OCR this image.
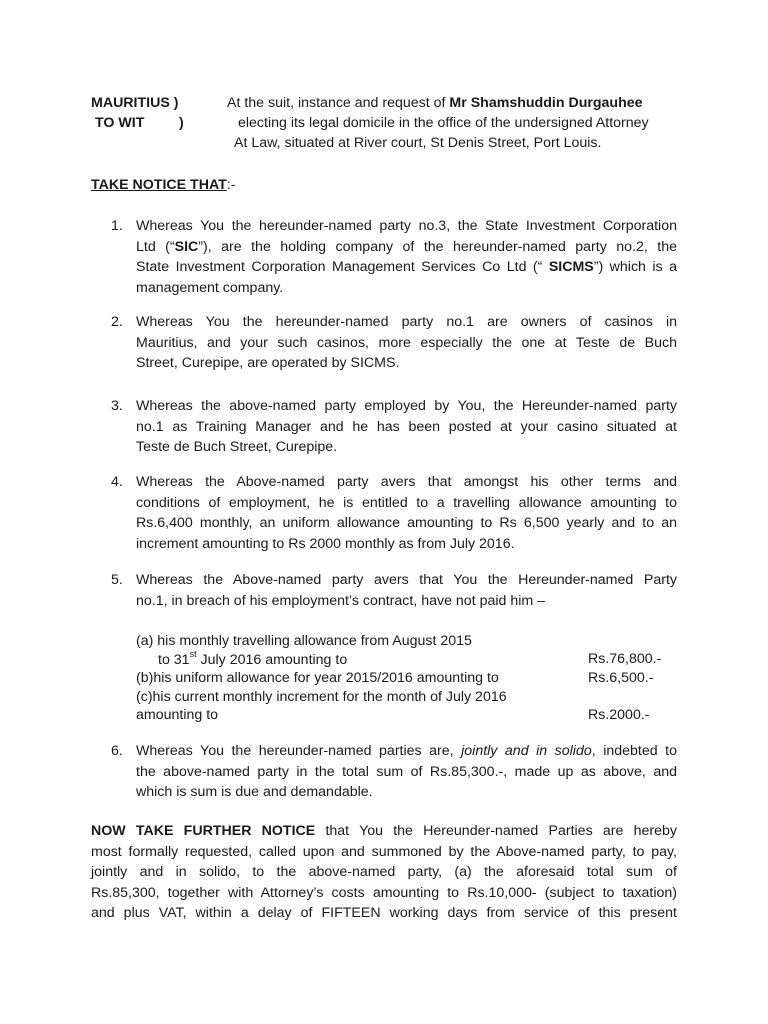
MAURITIUS )
TO WIT )
At the suit, instance and request of Mr Shamshuddin Durgauhee
electing its legal domicile in the office of the undersigned Attorney
At Law, situated at River court, St Denis Street, Port Louis.
TAKE NOTICE THAT:-
1. Whereas You the hereunder-named party no.3, the State Investment Corporation
Ltd (“SIC”), are the holding company of the hereunder-named party no.2, the
State Investment Corporation Management Services Co Ltd (“ SICMS”) which is a
management company.
2. Whereas You the hereunder-named party no.1 are owners of casinos in
Mauritius, and your such casinos, more especially the one at Teste de Buch
Street, Curepipe, are operated by SICMS.
3. Whereas the above-named party employed by You, the Hereunder-named party
no.1 as Training Manager and he has been posted at your casino situated at
Teste de Buch Street, Curepipe.
4. Whereas the Above-named party avers that amongst his other terms and
conditions of employment, he is entitled to a travelling allowance amounting to
Rs.6,400 monthly, an uniform allowance amounting to Rs 6,500 yearly and to an
increment amounting to Rs 2000 monthly as from July 2016.
5. Whereas the Above-named party avers that You the Hereunder-named Party
no.1, in breach of his employment’s contract, have not paid him –
(a) his monthly travelling allowance from August 2015
to 31st July 2016 amounting to
(b)his uniform allowance for year 2015/2016 amounting to
(c)his current monthly increment for the month of July 2016
amounting to
Rs.76,800.-
Rs.6,500.-
Rs.2000.-
6. Whereas You the hereunder-named parties are, jointly and in solido, indebted to
the above-named party in the total sum of Rs.85,300.-, made up as above, and
which is sum is due and demandable.
NOW TAKE FURTHER NOTICE that You the Hereunder-named Parties are hereby
most formally requested, called upon and summoned by the Above-named party, to pay,
jointly and in solido, to the above-named party, (a) the aforesaid total sum of
Rs.85,300, together with Attorney’s costs amounting to Rs.10,000- (subject to taxation)
and plus VAT, within a delay of FIFTEEN working days from service of this present
